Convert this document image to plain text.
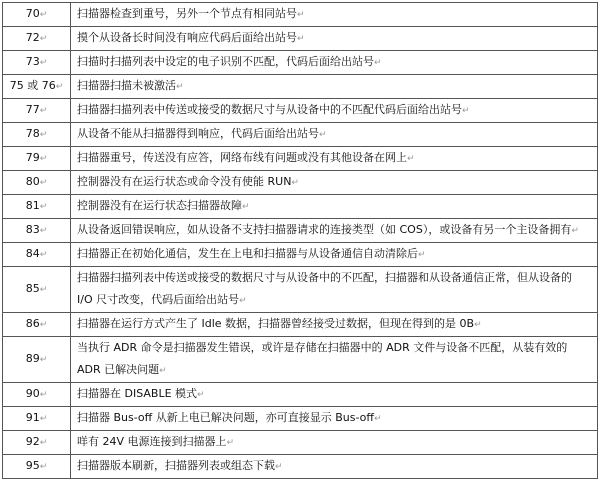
70↵	扫描器检查到重号，另外一个节点有相同站号↵
72↵	摸个从设备长时间没有响应代码后面给出站号↵
73↵	扫描时扫描列表中设定的电子识别不匹配，代码后面给出站号↵
75 或 76↵	扫描器扫描未被激活↵
77↵	扫描器扫描列表中传送或接受的数据尺寸与从设备中的不匹配代码后面给出站号↵
78↵	从设备不能从扫描器得到响应，代码后面给出站号↵
79↵	扫描器重号，传送没有应答，网络布线有问题或没有其他设备在网上↵
80↵	控制器没有在运行状态或命令没有使能 RUN↵
81↵	控制器没有在运行状态扫描器故障↵
83↵	从设备返回错误响应，如从设备不支持扫描器请求的连接类型（如 COS），或设备有另一个主设备拥有↵
84↵	扫描器正在初始化通信，发生在上电和扫描器与从设备通信自动清除后↵
85↵	扫描器扫描列表中传送或接受的数据尺寸与从设备中的不匹配，扫描器和从设备通信正常，但从设备的 I/O 尺寸改变，代码后面给出站号↵
86↵	扫描器在运行方式产生了 Idle 数据，扫描器曾经接受过数据，但现在得到的是 0B↵
89↵	当执行 ADR 命令是扫描器发生错误，或许是存储在扫描器中的 ADR 文件与设备不匹配，从装有效的 ADR 已解决问题↵
90↵	扫描器在 DISABLE 模式↵
91↵	扫描器 Bus-off 从新上电已解决问题，亦可直接显示 Bus-off↵
92↵	咩有 24V 电源连接到扫描器上↵
95↵	扫描器版本刷新，扫描器列表或组态下载↵
